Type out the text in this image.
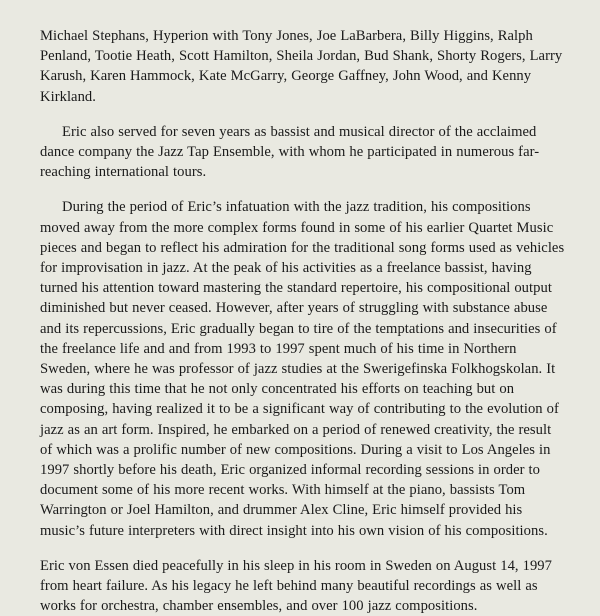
Michael Stephans, Hyperion with Tony Jones, Joe LaBarbera, Billy Higgins, Ralph Penland, Tootie Heath, Scott Hamilton, Sheila Jordan, Bud Shank, Shorty Rogers, Larry Karush, Karen Hammock, Kate McGarry, George Gaffney, John Wood, and Kenny Kirkland.

Eric also served for seven years as bassist and musical director of the acclaimed dance company the Jazz Tap Ensemble, with whom he participated in numerous far-reaching international tours.

During the period of Eric’s infatuation with the jazz tradition, his compositions moved away from the more complex forms found in some of his earlier Quartet Music pieces and began to reflect his admiration for the traditional song forms used as vehicles for improvisation in jazz. At the peak of his activities as a freelance bassist, having turned his attention toward mastering the standard repertoire, his compositional output diminished but never ceased. However, after years of struggling with substance abuse and its repercussions, Eric gradually began to tire of the temptations and insecurities of the freelance life and and from 1993 to 1997 spent much of his time in Northern Sweden, where he was professor of jazz studies at the Swerigefinska Folkhogskolan. It was during this time that he not only concentrated his efforts on teaching but on composing, having realized it to be a significant way of contributing to the evolution of jazz as an art form. Inspired, he embarked on a period of renewed creativity, the result of which was a prolific number of new compositions. During a visit to Los Angeles in 1997 shortly before his death, Eric organized informal recording sessions in order to document some of his more recent works. With himself at the piano, bassists Tom Warrington or Joel Hamilton, and drummer Alex Cline, Eric himself provided his music’s future interpreters with direct insight into his own vision of his compositions.

Eric von Essen died peacefully in his sleep in his room in Sweden on August 14, 1997 from heart failure. As his legacy he left behind many beautiful recordings as well as works for orchestra, chamber ensembles, and over 100 jazz compositions.
